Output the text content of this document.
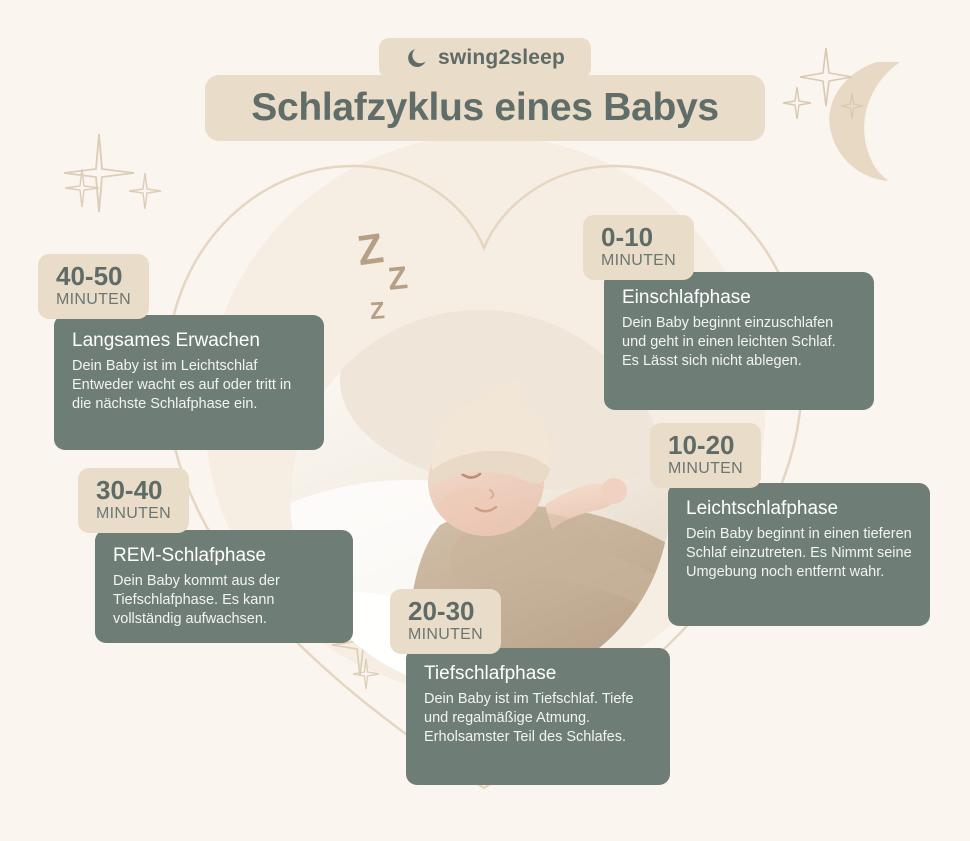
swing2sleep
Schlafzyklus eines Babys
Z
Z
Z
0-10
MINUTEN
Einschlafphase
Dein Baby beginnt einzuschlafen und geht in einen leichten Schlaf. Es Lässt sich nicht ablegen.
10-20
MINUTEN
Leichtschlafphase
Dein Baby beginnt in einen tieferen Schlaf einzutreten. Es Nimmt seine Umgebung noch entfernt wahr.
20-30
MINUTEN
Tiefschlafphase
Dein Baby ist im Tiefschlaf. Tiefe und regalmäßige Atmung. Erholsamster Teil des Schlafes.
30-40
MINUTEN
REM-Schlafphase
Dein Baby kommt aus der Tiefschlafphase. Es kann vollständig aufwachsen.
40-50
MINUTEN
Langsames Erwachen
Dein Baby ist im Leichtschlaf Entweder wacht es auf oder tritt in die nächste Schlafphase ein.
